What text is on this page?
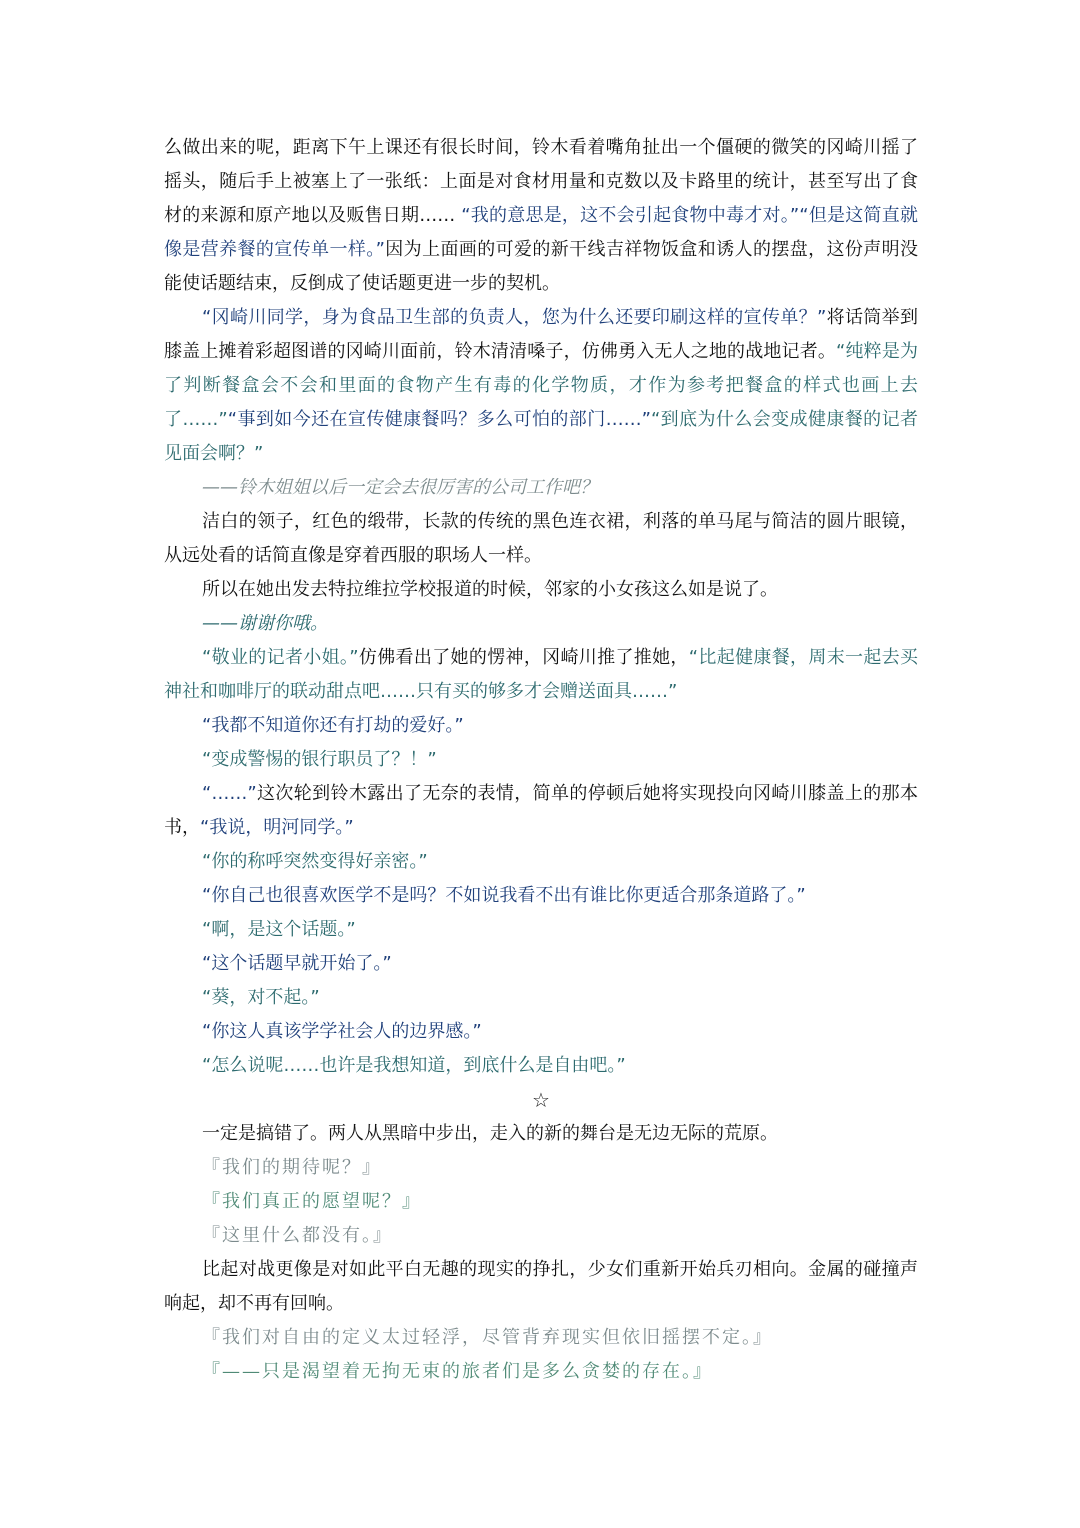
么做出来的呢，距离下午上课还有很长时间，铃木看着嘴角扯出一个僵硬的微笑的冈崎川摇了摇头，随后手上被塞上了一张纸：上面是对食材用量和克数以及卡路里的统计，甚至写出了食材的来源和原产地以及贩售日期…… “我的意思是，这不会引起食物中毒才对。”“但是这简直就像是营养餐的宣传单一样。”因为上面画的可爱的新干线吉祥物饭盒和诱人的摆盘，这份声明没能使话题结束，反倒成了使话题更进一步的契机。

“冈崎川同学，身为食品卫生部的负责人，您为什么还要印刷这样的宣传单？”将话筒举到膝盖上摊着彩超图谱的冈崎川面前，铃木清清嗓子，仿佛勇入无人之地的战地记者。“纯粹是为了判断餐盒会不会和里面的食物产生有毒的化学物质，才作为参考把餐盒的样式也画上去了……”“事到如今还在宣传健康餐吗？多么可怕的部门……”“到底为什么会变成健康餐的记者见面会啊？”

——铃木姐姐以后一定会去很厉害的公司工作吧？

洁白的领子，红色的缎带，长款的传统的黑色连衣裙，利落的单马尾与简洁的圆片眼镜，从远处看的话简直像是穿着西服的职场人一样。

所以在她出发去特拉维拉学校报道的时候，邻家的小女孩这么如是说了。

——谢谢你哦。

“敬业的记者小姐。”仿佛看出了她的愣神，冈崎川推了推她，“比起健康餐，周末一起去买神社和咖啡厅的联动甜点吧……只有买的够多才会赠送面具……”

“我都不知道你还有打劫的爱好。”

“变成警惕的银行职员了？！”

“……”这次轮到铃木露出了无奈的表情，简单的停顿后她将实现投向冈崎川膝盖上的那本书，“我说，明河同学。”

“你的称呼突然变得好亲密。”

“你自己也很喜欢医学不是吗？不如说我看不出有谁比你更适合那条道路了。”

“啊，是这个话题。”

“这个话题早就开始了。”

“葵，对不起。”

“你这人真该学学社会人的边界感。”

“怎么说呢……也许是我想知道，到底什么是自由吧。”

☆

一定是搞错了。两人从黑暗中步出，走入的新的舞台是无边无际的荒原。

『我们的期待呢？』

『我们真正的愿望呢？』

『这里什么都没有。』

比起对战更像是对如此平白无趣的现实的挣扎，少女们重新开始兵刃相向。金属的碰撞声响起，却不再有回响。

『我们对自由的定义太过轻浮，尽管背弃现实但依旧摇摆不定。』

『——只是渴望着无拘无束的旅者们是多么贪婪的存在。』
